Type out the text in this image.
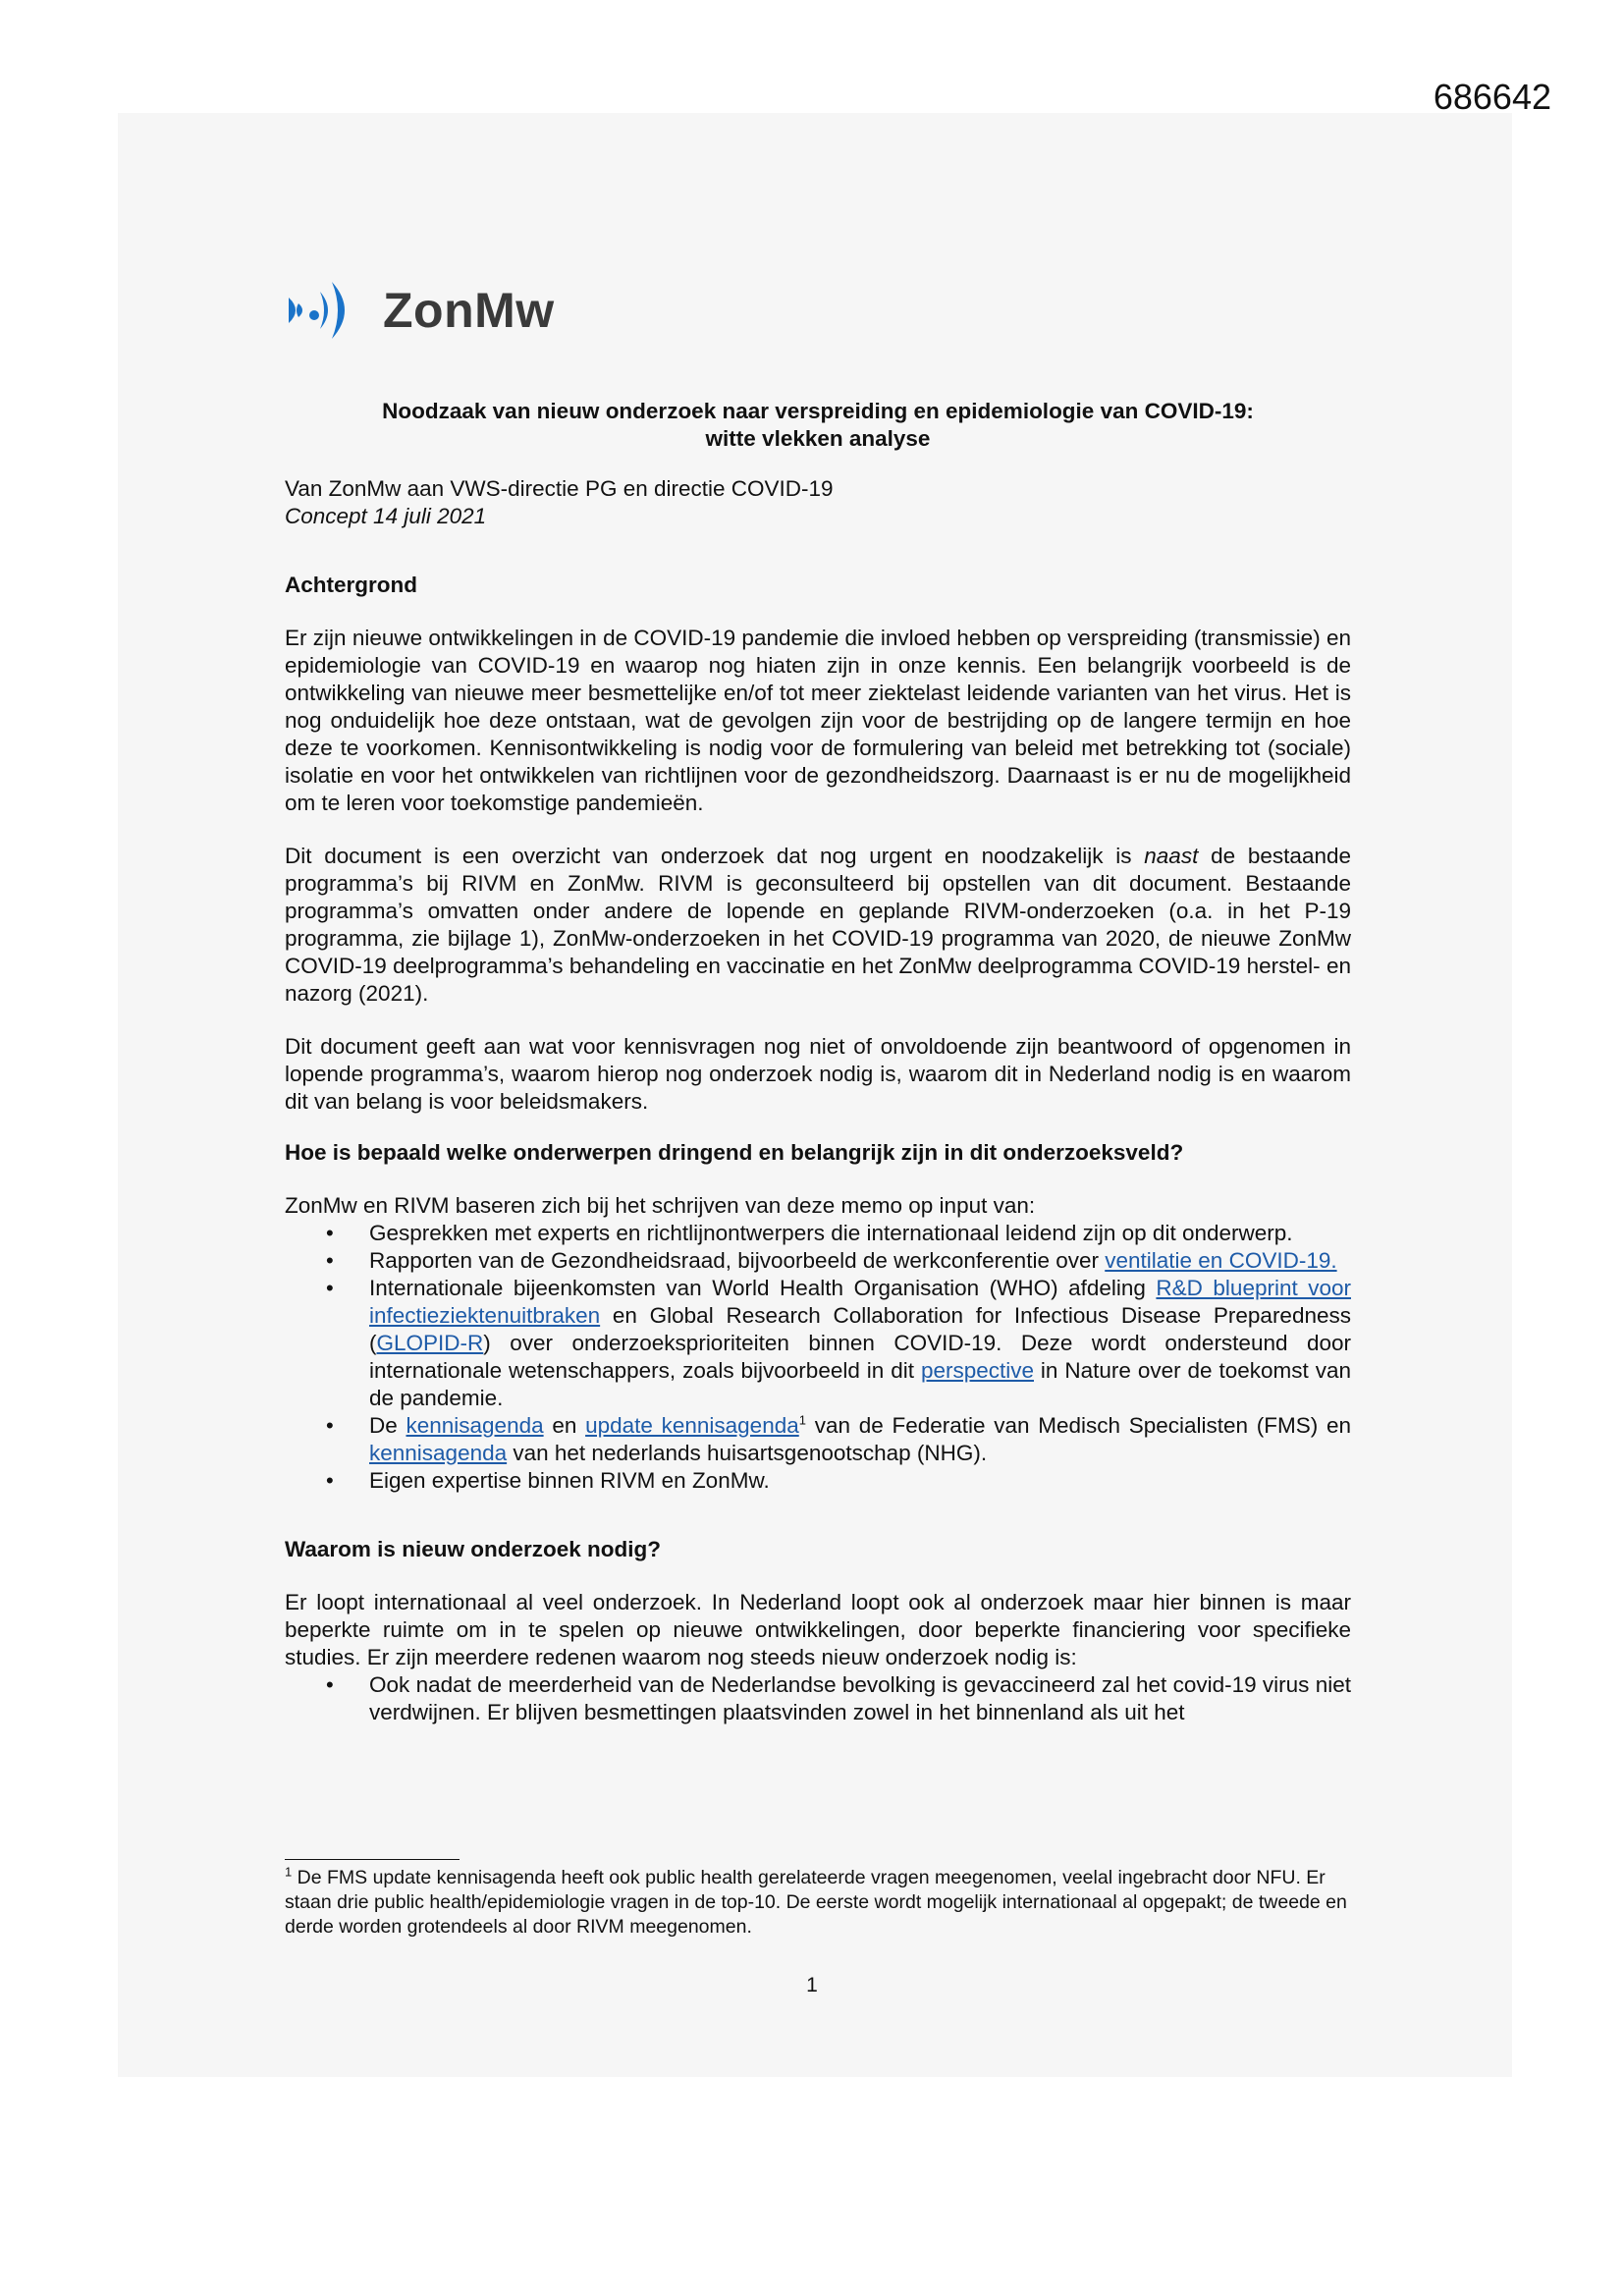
686642
ZonMw
Noodzaak van nieuw onderzoek naar verspreiding en epidemiologie van COVID-19:
witte vlekken analyse
Van ZonMw aan VWS-directie PG en directie COVID-19
Concept 14 juli 2021
Achtergrond

Er zijn nieuwe ontwikkelingen in de COVID-19 pandemie die invloed hebben op verspreiding (transmissie) en epidemiologie van COVID-19 en waarop nog hiaten zijn in onze kennis. Een belangrijk voorbeeld is de ontwikkeling van nieuwe meer besmettelijke en/of tot meer ziektelast leidende varianten van het virus. Het is nog onduidelijk hoe deze ontstaan, wat de gevolgen zijn voor de bestrijding op de langere termijn en hoe deze te voorkomen. Kennisontwikkeling is nodig voor de formulering van beleid met betrekking tot (sociale) isolatie en voor het ontwikkelen van richtlijnen voor de gezondheidszorg. Daarnaast is er nu de mogelijkheid om te leren voor toekomstige pandemieën.

Dit document is een overzicht van onderzoek dat nog urgent en noodzakelijk is naast de bestaande programma’s bij RIVM en ZonMw. RIVM is geconsulteerd bij opstellen van dit document. Bestaande programma’s omvatten onder andere de lopende en geplande RIVM-onderzoeken (o.a. in het P-19 programma, zie bijlage 1), ZonMw-onderzoeken in het COVID-19 programma van 2020, de nieuwe ZonMw COVID-19 deelprogramma’s behandeling en vaccinatie en het ZonMw deelprogramma COVID-19 herstel- en nazorg (2021).

Dit document geeft aan wat voor kennisvragen nog niet of onvoldoende zijn beantwoord of opgenomen in lopende programma’s, waarom hierop nog onderzoek nodig is, waarom dit in Nederland nodig is en waarom dit van belang is voor beleidsmakers.

Hoe is bepaald welke onderwerpen dringend en belangrijk zijn in dit onderzoeksveld?

ZonMw en RIVM baseren zich bij het schrijven van deze memo op input van:

• Gesprekken met experts en richtlijnontwerpers die internationaal leidend zijn op dit onderwerp.
• Rapporten van de Gezondheidsraad, bijvoorbeeld de werkconferentie over ventilatie en COVID-19.
• Internationale bijeenkomsten van World Health Organisation (WHO) afdeling R&D blueprint voor infectieziektenuitbraken en Global Research Collaboration for Infectious Disease Preparedness (GLOPID-R) over onderzoeksprioriteiten binnen COVID-19. Deze wordt ondersteund door internationale wetenschappers, zoals bijvoorbeeld in dit perspective in Nature over de toekomst van de pandemie.
• De kennisagenda en update kennisagenda$^1$ van de Federatie van Medisch Specialisten (FMS) en kennisagenda van het nederlands huisartsgenootschap (NHG).
• Eigen expertise binnen RIVM en ZonMw.
Waarom is nieuw onderzoek nodig?

Er loopt internationaal al veel onderzoek. In Nederland loopt ook al onderzoek maar hier binnen is maar beperkte ruimte om in te spelen op nieuwe ontwikkelingen, door beperkte financiering voor specifieke studies. Er zijn meerdere redenen waarom nog steeds nieuw onderzoek nodig is:

• Ook nadat de meerderheid van de Nederlandse bevolking is gevaccineerd zal het covid-19 virus niet verdwijnen. Er blijven besmettingen plaatsvinden zowel in het binnenland als uit het
$^1$ De FMS update kennisagenda heeft ook public health gerelateerde vragen meegenomen, veelal ingebracht door NFU. Er staan drie public health/epidemiologie vragen in de top-10. De eerste wordt mogelijk internationaal al opgepakt; de tweede en derde worden grotendeels al door RIVM meegenomen.
1
